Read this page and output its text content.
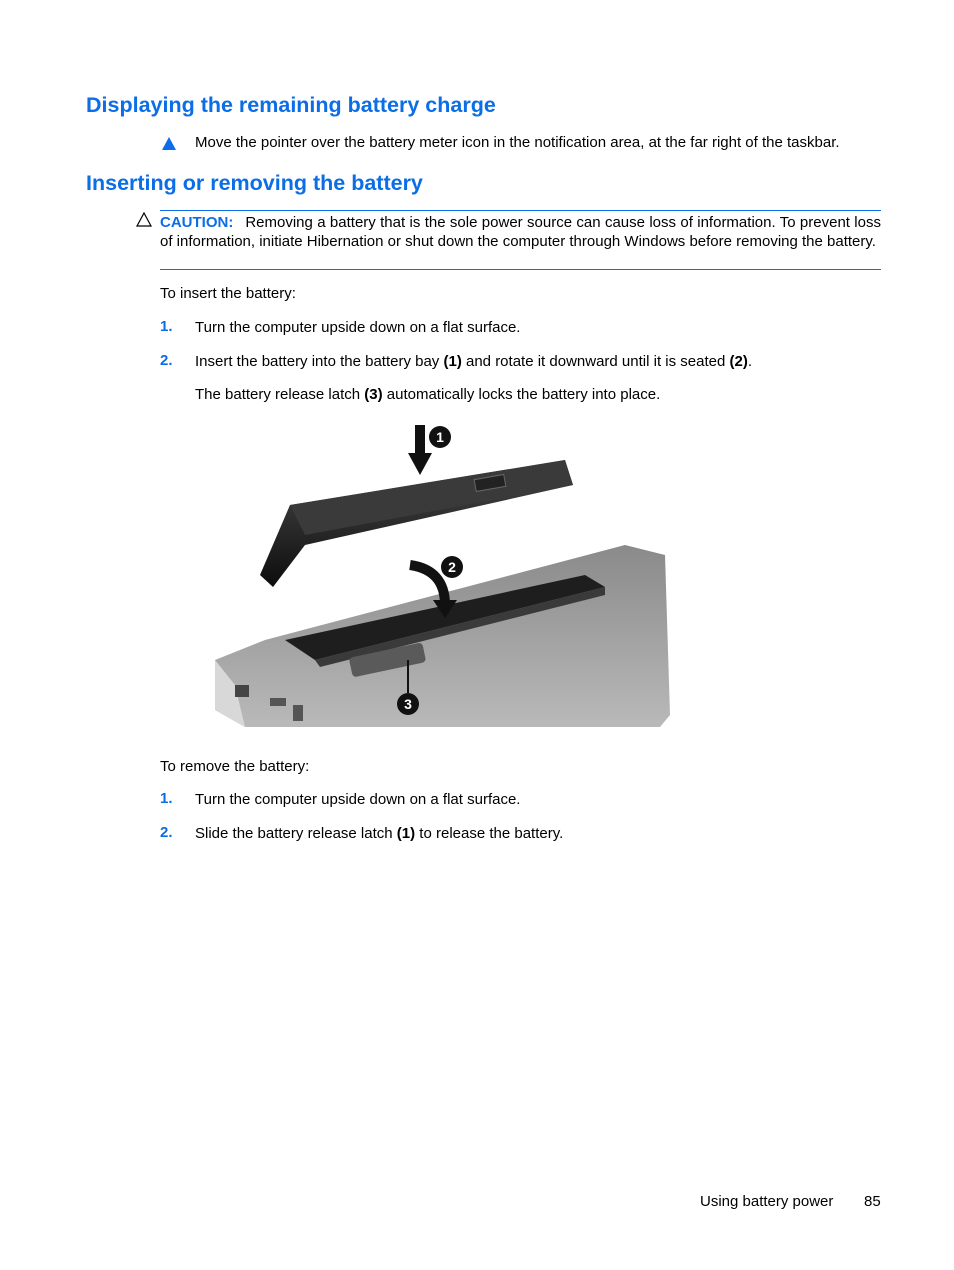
Displaying the remaining battery charge
Move the pointer over the battery meter icon in the notification area, at the far right of the taskbar.
Inserting or removing the battery
CAUTION: Removing a battery that is the sole power source can cause loss of information. To prevent loss of information, initiate Hibernation or shut down the computer through Windows before removing the battery.
To insert the battery:
1. Turn the computer upside down on a flat surface.
2. Insert the battery into the battery bay (1) and rotate it downward until it is seated (2).
The battery release latch (3) automatically locks the battery into place.
1
2
3
To remove the battery:
1. Turn the computer upside down on a flat surface.
2. Slide the battery release latch (1) to release the battery.
Using battery power 85
